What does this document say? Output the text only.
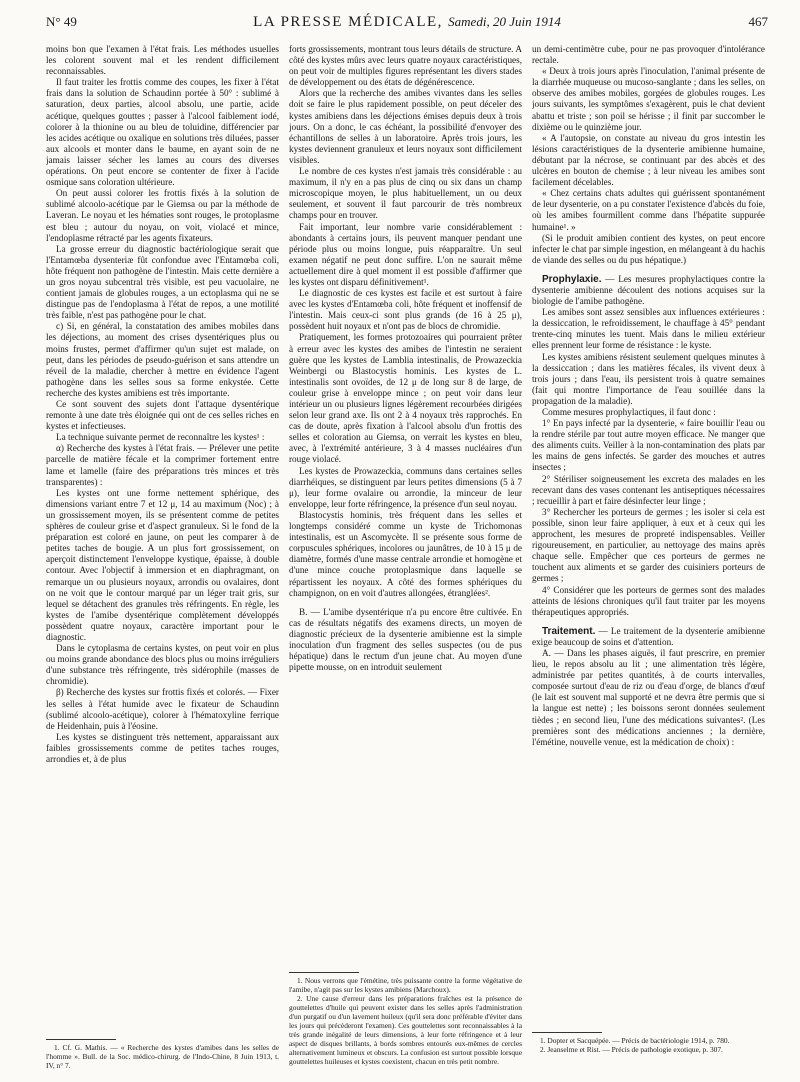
N° 49	LA PRESSE MÉDICALE, Samedi, 20 Juin 1914	467

moins bon que l'examen à l'état frais. Les méthodes usuelles les colorent souvent mal et les rendent difficilement reconnaissables.

Il faut traiter les frottis comme des coupes, les fixer à l'état frais dans la solution de Schaudinn portée à 50° : sublimé à saturation, deux parties, alcool absolu, une partie, acide acétique, quelques gouttes ; passer à l'alcool faiblement iodé, colorer à la thionine ou au bleu de toluidine, différencier par les acides acétique ou oxalique en solutions très diluées, passer aux alcools et monter dans le baume, en ayant soin de ne jamais laisser sécher les lames au cours des diverses opérations. On peut encore se contenter de fixer à l'acide osmique sans coloration ultérieure.

On peut aussi colorer les frottis fixés à la solution de sublimé alcoolo-acétique par le Giemsa ou par la méthode de Laveran. Le noyau et les hématies sont rouges, le protoplasme est bleu ; autour du noyau, on voit, violacé et mince, l'endoplasme rétracté par les agents fixateurs.

La grosse erreur du diagnostic bactériologique serait que l'Entamœba dysenteriæ fût confondue avec l'Entamœba coli, hôte fréquent non pathogène de l'intestin. Mais cette dernière a un gros noyau subcentral très visible, est peu vacuolaire, ne contient jamais de globules rouges, a un ectoplasma qui ne se distingue pas de l'endoplasma à l'état de repos, a une motilité très faible, n'est pas pathogène pour le chat.

c) Si, en général, la constatation des amibes mobiles dans les déjections, au moment des crises dysentériques plus ou moins frustes, permet d'affirmer qu'un sujet est malade, on peut, dans les périodes de pseudo-guérison et sans attendre un réveil de la maladie, chercher à mettre en évidence l'agent pathogène dans les selles sous sa forme enkystée. Cette recherche des kystes amibiens est très importante.

Ce sont souvent des sujets dont l'attaque dysentérique remonte à une date très éloignée qui ont de ces selles riches en kystes et infectieuses.

La technique suivante permet de reconnaître les kystes¹ :

α) Recherche des kystes à l'état frais. — Prélever une petite parcelle de matière fécale et la comprimer fortement entre lame et lamelle (faire des préparations très minces et très transparentes) :

Les kystes ont une forme nettement sphérique, des dimensions variant entre 7 et 12 μ, 14 au maximum (Noc) ; à un grossissement moyen, ils se présentent comme de petites sphères de couleur grise et d'aspect granuleux. Si le fond de la préparation est coloré en jaune, on peut les comparer à de petites taches de bougie. A un plus fort grossissement, on aperçoit distinctement l'enveloppe kystique, épaisse, à double contour. Avec l'objectif à immersion et en diaphragmant, on remarque un ou plusieurs noyaux, arrondis ou ovalaires, dont on ne voit que le contour marqué par un léger trait gris, sur lequel se détachent des granules très réfringents. En règle, les kystes de l'amibe dysentérique complètement développés possèdent quatre noyaux, caractère important pour le diagnostic.

Dans le cytoplasma de certains kystes, on peut voir en plus ou moins grande abondance des blocs plus ou moins irréguliers d'une substance très réfringente, très sidérophile (masses de chromidie).

β) Recherche des kystes sur frottis fixés et colorés. — Fixer les selles à l'état humide avec le fixateur de Schaudinn (sublimé alcoolo-acétique), colorer à l'hématoxyline ferrique de Heidenhain, puis à l'éosine.

Les kystes se distinguent très nettement, apparaissant aux faibles grossissements comme de petites taches rouges, arrondies et, à de plus

1. Cf. G. Mathis. — « Recherche des kystes d'amibes dans les selles de l'homme ». Bull. de la Soc. médico-chirurg. de l'Indo-Chine, 8 Juin 1913, t. IV, n° 7.

forts grossissements, montrant tous leurs détails de structure. A côté des kystes mûrs avec leurs quatre noyaux caractéristiques, on peut voir de multiples figures représentant les divers stades de développement ou des états de dégénérescence.

Alors que la recherche des amibes vivantes dans les selles doit se faire le plus rapidement possible, on peut déceler des kystes amibiens dans les déjections émises depuis deux à trois jours. On a donc, le cas échéant, la possibilité d'envoyer des échantillons de selles à un laboratoire. Après trois jours, les kystes deviennent granuleux et leurs noyaux sont difficilement visibles.

Le nombre de ces kystes n'est jamais très considérable : au maximum, il n'y en a pas plus de cinq ou six dans un champ microscopique moyen, le plus habituellement, un ou deux seulement, et souvent il faut parcourir de très nombreux champs pour en trouver.

Fait important, leur nombre varie considérablement : abondants à certains jours, ils peuvent manquer pendant une période plus ou moins longue, puis réapparaître. Un seul examen négatif ne peut donc suffire. L'on ne saurait même actuellement dire à quel moment il est possible d'affirmer que les kystes ont disparu définitivement¹.

Le diagnostic de ces kystes est facile et est surtout à faire avec les kystes d'Entamœba coli, hôte fréquent et inoffensif de l'intestin. Mais ceux-ci sont plus grands (de 16 à 25 μ), possèdent huit noyaux et n'ont pas de blocs de chromidie.

Pratiquement, les formes protozoaires qui pourraient prêter à erreur avec les kystes des amibes de l'intestin ne seraient guère que les kystes de Lamblia intestinalis, de Prowazeckia Weinbergi ou Blastocystis hominis. Les kystes de L. intestinalis sont ovoïdes, de 12 μ de long sur 8 de large, de couleur grise à enveloppe mince ; on peut voir dans leur intérieur un ou plusieurs lignes légèrement recourbées dirigées selon leur grand axe. Ils ont 2 à 4 noyaux très rapprochés. En cas de doute, après fixation à l'alcool absolu d'un frottis des selles et coloration au Giemsa, on verrait les kystes en bleu, avec, à l'extrémité antérieure, 3 à 4 masses nucléaires d'un rouge violacé.

Les kystes de Prowazeckia, communs dans certaines selles diarrhéiques, se distinguent par leurs petites dimensions (5 à 7 μ), leur forme ovalaire ou arrondie, la minceur de leur enveloppe, leur forte réfringence, la présence d'un seul noyau.

Blastocystis hominis, très fréquent dans les selles et longtemps considéré comme un kyste de Trichomonas intestinalis, est un Ascomycète. Il se présente sous forme de corpuscules sphériques, incolores ou jaunâtres, de 10 à 15 μ de diamètre, formés d'une masse centrale arrondie et homogène et d'une mince couche protoplasmique dans laquelle se répartissent les noyaux. A côté des formes sphériques du champignon, on en voit d'autres allongées, étranglées².

B. — L'amibe dysentérique n'a pu encore être cultivée. En cas de résultats négatifs des examens directs, un moyen de diagnostic précieux de la dysenterie amibienne est la simple inoculation d'un fragment des selles suspectes (ou de pus hépatique) dans le rectum d'un jeune chat. Au moyen d'une pipette mousse, on en introduit seulement

1. Nous verrons que l'émétine, très puissante contre la forme végétative de l'amibe, n'agit pas sur les kystes amibiens (Marchoux).

2. Une cause d'erreur dans les préparations fraîches est la présence de gouttelettes d'huile qui peuvent exister dans les selles après l'administration d'un purgatif ou d'un lavement huileux (qu'il sera donc préférable d'éviter dans les jours qui précèderont l'examen). Ces gouttelettes sont reconnaissables à la très grande inégalité de leurs dimensions, à leur forte réfringence et à leur aspect de disques brillants, à bords sombres entourés eux-mêmes de cercles alternativement lumineux et obscurs. La confusion est surtout possible lorsque gouttelettes huileuses et kystes coexistent, chacun en très petit nombre.

un demi-centimètre cube, pour ne pas provoquer d'intolérance rectale.

« Deux à trois jours après l'inoculation, l'animal présente de la diarrhée muqueuse ou mucoso-sanglante ; dans les selles, on observe des amibes mobiles, gorgées de globules rouges. Les jours suivants, les symptômes s'exagèrent, puis le chat devient abattu et triste ; son poil se hérisse ; il finit par succomber le dixième ou le quinzième jour.

« A l'autopsie, on constate au niveau du gros intestin les lésions caractéristiques de la dysenterie amibienne humaine, débutant par la nécrose, se continuant par des abcès et des ulcères en bouton de chemise ; à leur niveau les amibes sont facilement décelables.

« Chez certains chats adultes qui guérissent spontanément de leur dysenterie, on a pu constater l'existence d'abcès du foie, où les amibes fourmillent comme dans l'hépatite suppurée humaine¹. »

(Si le produit amibien contient des kystes, on peut encore infecter le chat par simple ingestion, en mélangeant à du hachis de viande des selles ou du pus hépatique.)

Prophylaxie. — Les mesures prophylactiques contre la dysenterie amibienne découlent des notions acquises sur la biologie de l'amibe pathogène.

Les amibes sont assez sensibles aux influences extérieures : la dessiccation, le refroidissement, le chauffage à 45° pendant trente-cinq minutes les tuent. Mais dans le milieu extérieur elles prennent leur forme de résistance : le kyste.

Les kystes amibiens résistent seulement quelques minutes à la dessiccation ; dans les matières fécales, ils vivent deux à trois jours ; dans l'eau, ils persistent trois à quatre semaines (fait qui montre l'importance de l'eau souillée dans la propagation de la maladie).

Comme mesures prophylactiques, il faut donc :

1° En pays infecté par la dysenterie, « faire bouillir l'eau ou la rendre stérile par tout autre moyen efficace. Ne manger que des aliments cuits. Veiller à la non-contamination des plats par les mains de gens infectés. Se garder des mouches et autres insectes ;

2° Stériliser soigneusement les excreta des malades en les recevant dans des vases contenant les antiseptiques nécessaires ; recueillir à part et faire désinfecter leur linge ;

3° Rechercher les porteurs de germes ; les isoler si cela est possible, sinon leur faire appliquer, à eux et à ceux qui les approchent, les mesures de propreté indispensables. Veiller rigoureusement, en particulier, au nettoyage des mains après chaque selle. Empêcher que ces porteurs de germes ne touchent aux aliments et se garder des cuisiniers porteurs de germes ;

4° Considérer que les porteurs de germes sont des malades atteints de lésions chroniques qu'il faut traiter par les moyens thérapeutiques appropriés.

Traitement. — Le traitement de la dysenterie amibienne exige beaucoup de soins et d'attention.

A. — Dans les phases aiguës, il faut prescrire, en premier lieu, le repos absolu au lit ; une alimentation très légère, administrée par petites quantités, à de courts intervalles, composée surtout d'eau de riz ou d'eau d'orge, de blancs d'œuf (le lait est souvent mal supporté et ne devra être permis que si la langue est nette) ; les boissons seront données seulement tièdes ; en second lieu, l'une des médications suivantes². (Les premières sont des médications anciennes ; la dernière, l'émétine, nouvelle venue, est la médication de choix) :

1. Dopter et Sacquépée. — Précis de bactériologie 1914, p. 780.

2. Jeanselme et Rist. — Précis de pathologie exotique, p. 307.
